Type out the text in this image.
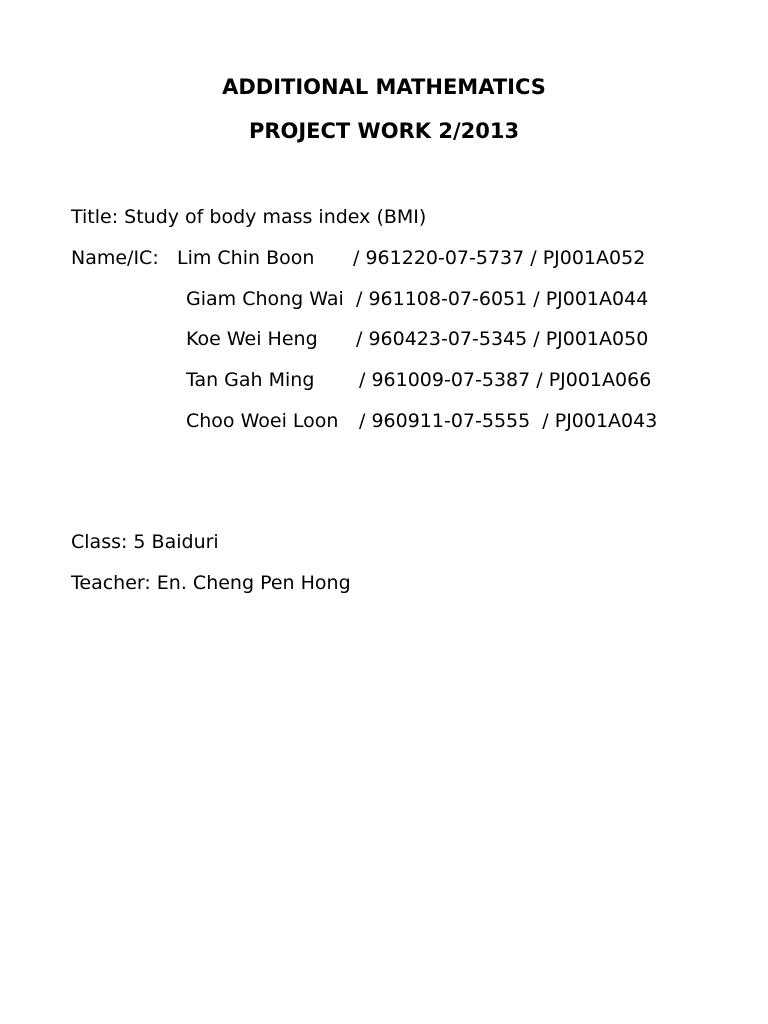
ADDITIONAL MATHEMATICS
PROJECT WORK 2/2013
Title: Study of body mass index (BMI)
Name/IC: Lim Chin Boon / 961220-07-5737 / PJ001A052
Giam Chong Wai / 961108-07-6051 / PJ001A044
Koe Wei Heng / 960423-07-5345 / PJ001A050
Tan Gah Ming / 961009-07-5387 / PJ001A066
Choo Woei Loon / 960911-07-5555  / PJ001A043
Class: 5 Baiduri
Teacher: En. Cheng Pen Hong
